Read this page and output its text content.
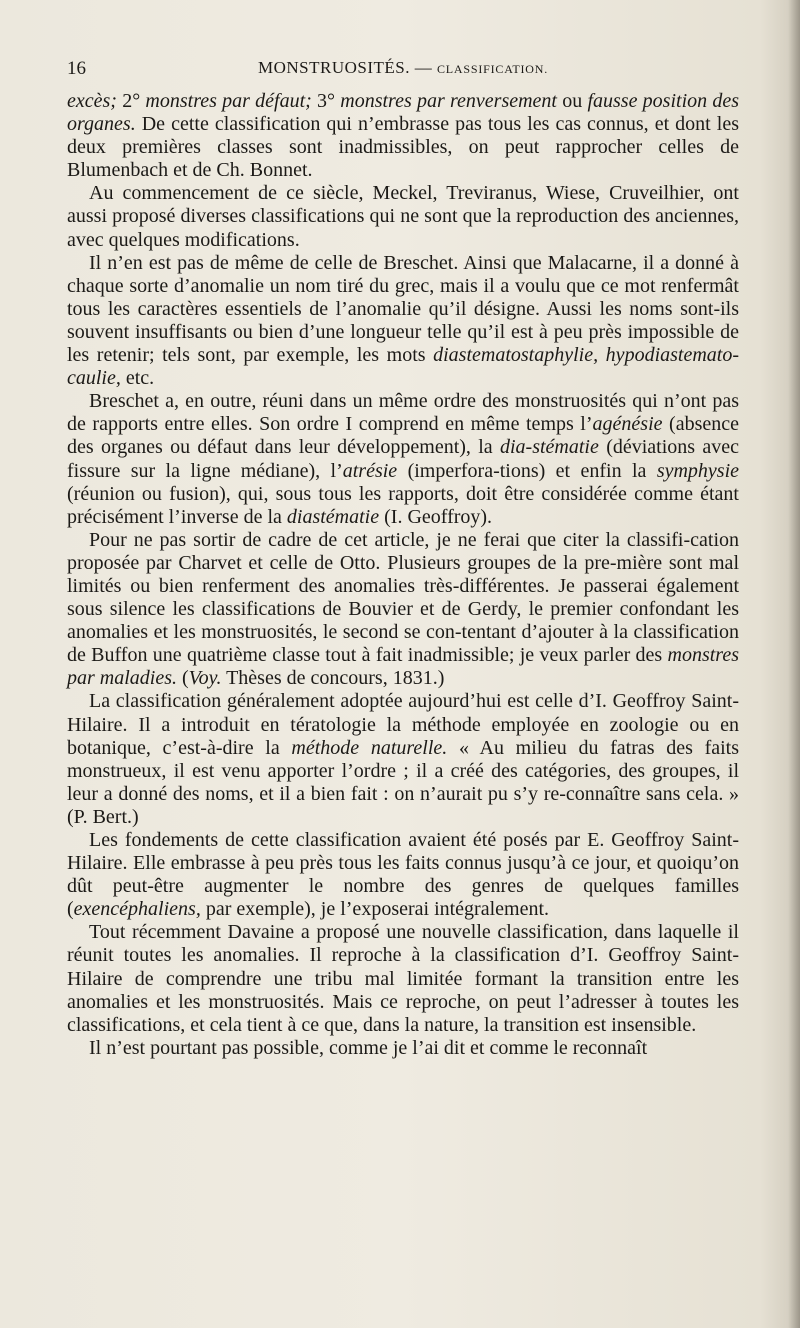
16	MONSTRUOSITÉS. — CLASSIFICATION.

excès; 2° monstres par défaut; 3° monstres par renversement ou fausse position des organes. De cette classification qui n’embrasse pas tous les cas connus, et dont les deux premières classes sont inadmissibles, on peut rapprocher celles de Blumenbach et de Ch. Bonnet.

Au commencement de ce siècle, Meckel, Treviranus, Wiese, Cruveilhier, ont aussi proposé diverses classifications qui ne sont que la reproduction des anciennes, avec quelques modifications.

Il n’en est pas de même de celle de Breschet. Ainsi que Malacarne, il a donné à chaque sorte d’anomalie un nom tiré du grec, mais il a voulu que ce mot renfermât tous les caractères essentiels de l’anomalie qu’il désigne. Aussi les noms sont-ils souvent insuffisants ou bien d’une longueur telle qu’il est à peu près impossible de les retenir; tels sont, par exemple, les mots diastematostaphylie, hypodiastemato-caulie, etc.

Breschet a, en outre, réuni dans un même ordre des monstruosités qui n’ont pas de rapports entre elles. Son ordre I comprend en même temps l’agénésie (absence des organes ou défaut dans leur développement), la dia-stématie (déviations avec fissure sur la ligne médiane), l’atrésie (imperfora-tions) et enfin la symphysie (réunion ou fusion), qui, sous tous les rapports, doit être considérée comme étant précisément l’inverse de la diastématie (I. Geoffroy).

Pour ne pas sortir de cadre de cet article, je ne ferai que citer la classifi-cation proposée par Charvet et celle de Otto. Plusieurs groupes de la pre-mière sont mal limités ou bien renferment des anomalies très-différentes. Je passerai également sous silence les classifications de Bouvier et de Gerdy, le premier confondant les anomalies et les monstruosités, le second se con-tentant d’ajouter à la classification de Buffon une quatrième classe tout à fait inadmissible; je veux parler des monstres par maladies. (Voy. Thèses de concours, 1831.)

La classification généralement adoptée aujourd’hui est celle d’I. Geoffroy Saint-Hilaire. Il a introduit en tératologie la méthode employée en zoologie ou en botanique, c’est-à-dire la méthode naturelle. « Au milieu du fatras des faits monstrueux, il est venu apporter l’ordre ; il a créé des catégories, des groupes, il leur a donné des noms, et il a bien fait : on n’aurait pu s’y re-connaître sans cela. » (P. Bert.)

Les fondements de cette classification avaient été posés par E. Geoffroy Saint-Hilaire. Elle embrasse à peu près tous les faits connus jusqu’à ce jour, et quoiqu’on dût peut-être augmenter le nombre des genres de quelques familles (exencéphaliens, par exemple), je l’exposerai intégralement.

Tout récemment Davaine a proposé une nouvelle classification, dans laquelle il réunit toutes les anomalies. Il reproche à la classification d’I. Geoffroy Saint-Hilaire de comprendre une tribu mal limitée formant la transition entre les anomalies et les monstruosités. Mais ce reproche, on peut l’adresser à toutes les classifications, et cela tient à ce que, dans la nature, la transition est insensible.

Il n’est pourtant pas possible, comme je l’ai dit et comme le reconnaît
